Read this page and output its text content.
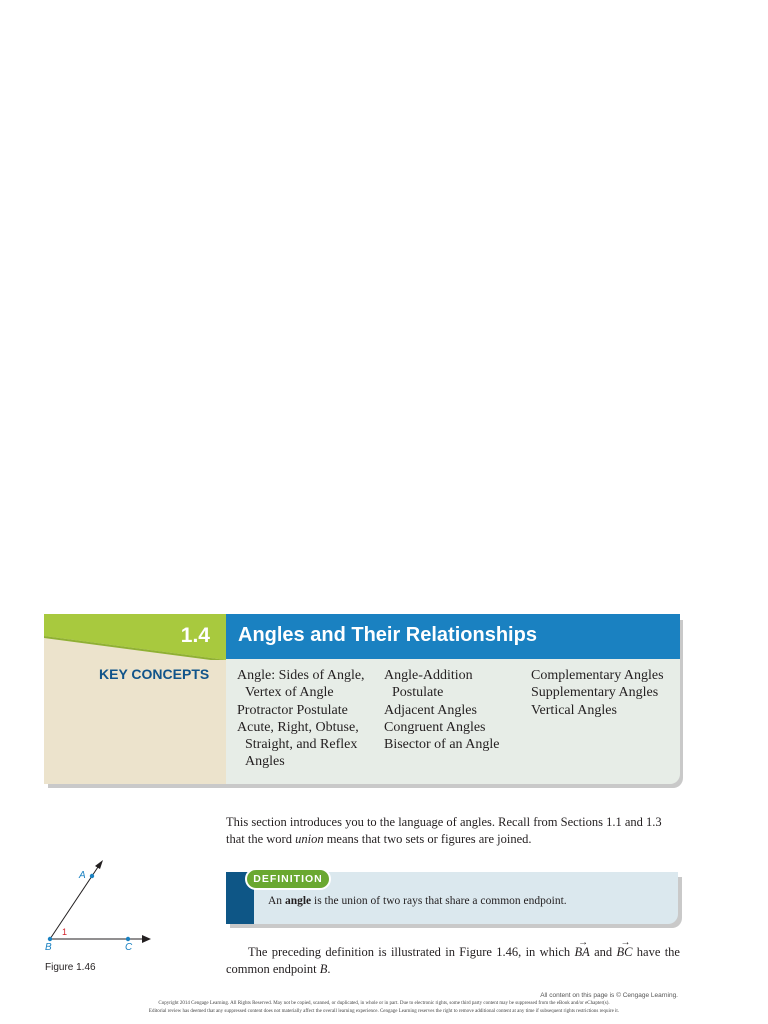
1.4 Angles and Their Relationships
KEY CONCEPTS Angle: Sides of Angle,
Vertex of Angle
Protractor Postulate
Acute, Right, Obtuse,
Straight, and Reflex
Angles
Angle-Addition
Postulate
Adjacent Angles
Congruent Angles
Bisector of an Angle
Complementary Angles
Supplementary Angles
Vertical Angles
This section introduces you to the language of angles. Recall from Sections 1.1 and 1.3 that the word union means that two sets or figures are joined.
DEFINITION
An angle is the union of two rays that share a common endpoint.
A
B	C
1
Figure 1.46
The preceding definition is illustrated in Figure 1.46, in which BA → and BC → have the common endpoint B.
All content on this page is © Cengage Learning.
Copyright 2014 Cengage Learning. All Rights Reserved. May not be copied, scanned, or duplicated, in whole or in part. Due to electronic rights, some third party content may be suppressed from the eBook and/or eChapter(s).
Editorial review has deemed that any suppressed content does not materially affect the overall learning experience. Cengage Learning reserves the right to remove additional content at any time if subsequent rights restrictions require it.
